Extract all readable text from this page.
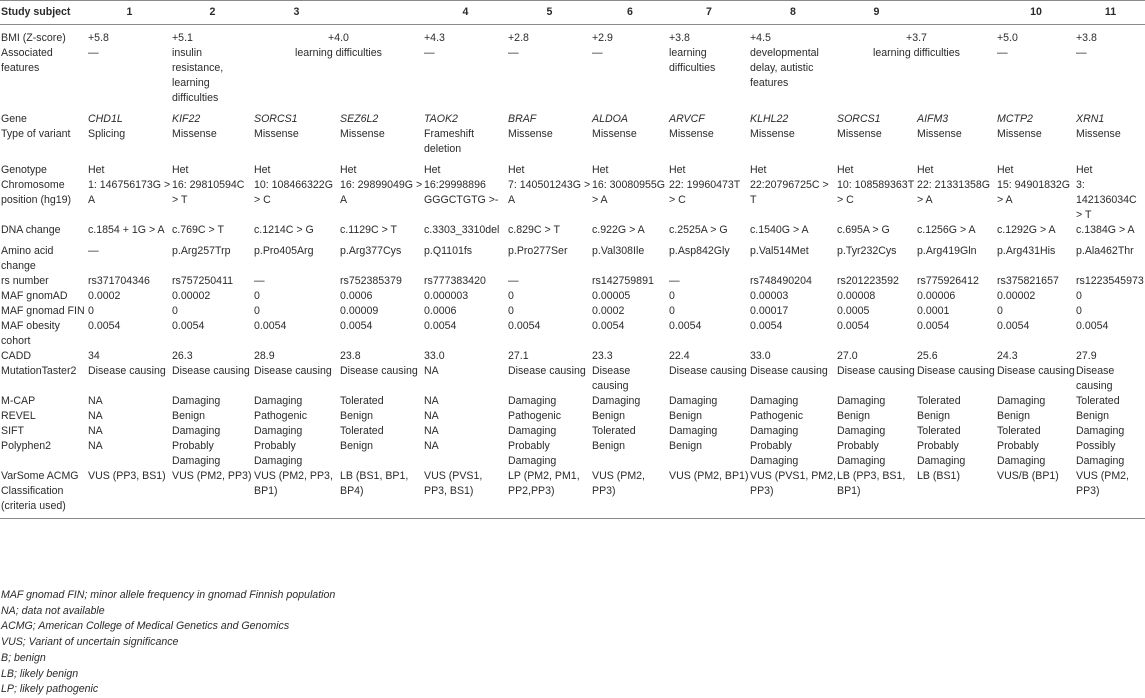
Study subject	1	2	3		4	5	6	7	8	9		10	11

BMI (Z-score)	+5.8	+5.1	+4.0		+4.3	+2.8	+2.9	+3.8	+4.5	+3.7		+5.0	+3.8
Associated features	—	insulin resistance, learning difficulties	learning difficulties		—	—	—	learning difficulties	developmental delay, autistic features	learning difficulties		—	—

Gene	CHD1L	KIF22	SORCS1	SEZ6L2	TAOK2	BRAF	ALDOA	ARVCF	KLHL22	SORCS1	AIFM3	MCTP2	XRN1
Type of variant	Splicing	Missense	Missense	Missense	Frameshift deletion	Missense	Missense	Missense	Missense	Missense	Missense	Missense	Missense

Genotype	Het	Het	Het	Het	Het	Het	Het	Het	Het	Het	Het	Het	Het
Chromosome position (hg19)	1: 146756173G > A	16: 29810594C > T	10: 108466322G > C	16: 29899049G > A	16:29998896 GGGCTGTG >-	7: 140501243G > A	16: 30080955G > A	22: 19960473T > C	22:20796725C > T	10: 108589363T > C	22: 21331358G > A	15: 94901832G > A	3: 142136034C > T
DNA change	c.1854 + 1G > A	c.769C > T	c.1214C > G	c.1129C > T	c.3303_3310del	c.829C > T	c.922G > A	c.2525A > G	c.1540G > A	c.695A > G	c.1256G > A	c.1292G > A	c.1384G > A

Amino acid change	—	p.Arg257Trp	p.Pro405Arg	p.Arg377Cys	p.Q1101fs	p.Pro277Ser	p.Val308Ile	p.Asp842Gly	p.Val514Met	p.Tyr232Cys	p.Arg419Gln	p.Arg431His	p.Ala462Thr
rs number	rs371704346	rs757250411	—	rs752385379	rs777383420	—	rs142759891	—	rs748490204	rs201223592	rs775926412	rs375821657	rs1223545973
MAF gnomAD	0.0002	0.00002	0	0.0006	0.000003	0	0.00005	0	0.00003	0.00008	0.00006	0.00002	0
MAF gnomad FIN	0	0	0	0.00009	0.0006	0	0.0002	0	0.00017	0.0005	0.0001	0	0
MAF obesity cohort	0.0054	0.0054	0.0054	0.0054	0.0054	0.0054	0.0054	0.0054	0.0054	0.0054	0.0054	0.0054	0.0054
CADD	34	26.3	28.9	23.8	33.0	27.1	23.3	22.4	33.0	27.0	25.6	24.3	27.9
MutationTaster2	Disease causing	Disease causing	Disease causing	Disease causing	NA	Disease causing	Disease causing	Disease causing	Disease causing	Disease causing	Disease causing	Disease causing	Disease causing
M-CAP	NA	Damaging	Damaging	Tolerated	NA	Damaging	Damaging	Damaging	Damaging	Damaging	Tolerated	Damaging	Tolerated
REVEL	NA	Benign	Pathogenic	Benign	NA	Pathogenic	Benign	Benign	Pathogenic	Benign	Benign	Benign	Benign
SIFT	NA	Damaging	Damaging	Tolerated	NA	Damaging	Tolerated	Damaging	Damaging	Damaging	Tolerated	Tolerated	Damaging
Polyphen2	NA	Probably Damaging	Probably Damaging	Benign	NA	Probably Damaging	Benign	Benign	Probably Damaging	Probably Damaging	Probably Damaging	Probably Damaging	Possibly Damaging
VarSome ACMG Classification (criteria used)	VUS (PP3, BS1)	VUS (PM2, PP3)	VUS (PM2, PP3, BP1)	LB (BS1, BP1, BP4)	VUS (PVS1, PP3, BS1)	LP (PM2, PM1, PP2,PP3)	VUS (PM2, PP3)	VUS (PM2, BP1)	VUS (PVS1, PM2, PP3)	LB (PP3, BS1, BP1)	LB (BS1)	VUS/B (BP1)	VUS (PM2, PP3)
MAF gnomad FIN; minor allele frequency in gnomad Finnish population
NA; data not available
ACMG; American College of Medical Genetics and Genomics
VUS; Variant of uncertain significance
B; benign
LB; likely benign
LP; likely pathogenic
